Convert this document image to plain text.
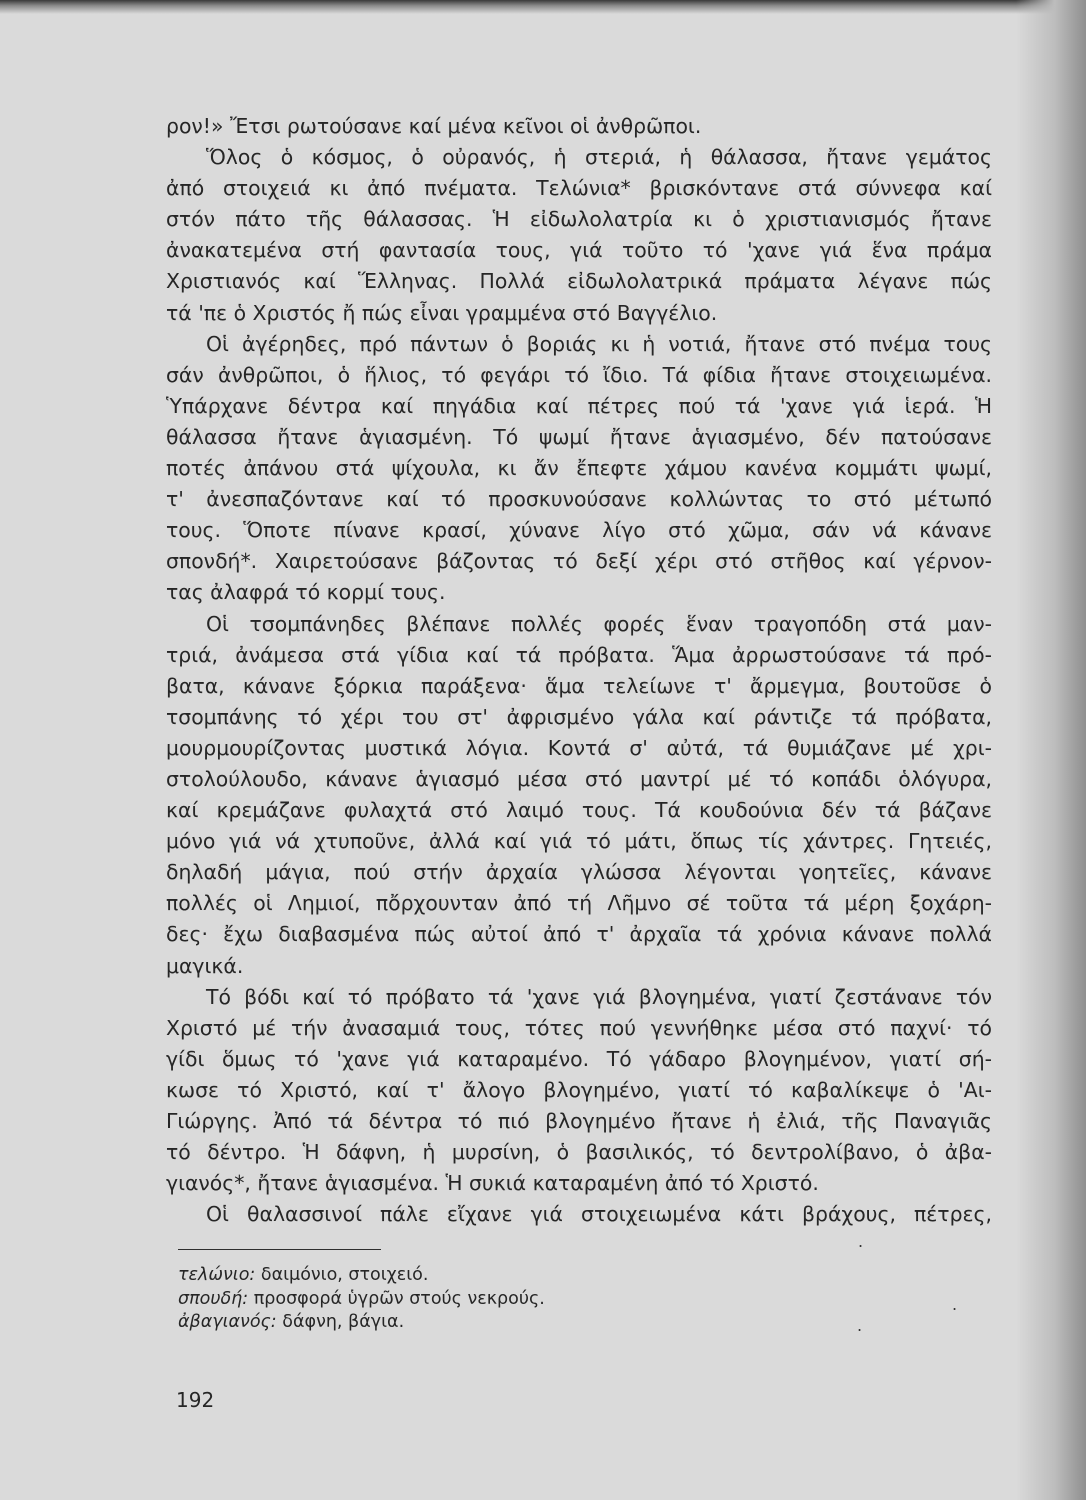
ρον!» Ἔτσι ρωτούσανε καί μένα κεῖνοι οἱ ἀνθρῶποι.
Ὅλος ὁ κόσμος, ὁ οὐρανός, ἡ στεριά, ἡ θάλασσα, ἤτανε γεμάτος
ἀπό στοιχειά κι ἀπό πνέματα. Τελώνια* βρισκόντανε στά σύννεφα καί
στόν πάτο τῆς θάλασσας. Ἡ εἰδωλολατρία κι ὁ χριστιανισμός ἤτανε
ἀνακατεμένα στή φαντασία τους, γιά τοῦτο τό 'χανε γιά ἕνα πράμα
Χριστιανός καί Ἕλληνας. Πολλά εἰδωλολατρικά πράματα λέγανε πώς
τά 'πε ὁ Χριστός ἤ πώς εἶναι γραμμένα στό Βαγγέλιο.
Οἱ ἀγέρηδες, πρό πάντων ὁ βοριάς κι ἡ νοτιά, ἤτανε στό πνέμα τους
σάν ἀνθρῶποι, ὁ ἥλιος, τό φεγάρι τό ἴδιο. Τά φίδια ἤτανε στοιχειωμένα.
Ὑπάρχανε δέντρα καί πηγάδια καί πέτρες πού τά 'χανε γιά ἱερά. Ἡ
θάλασσα ἤτανε ἁγιασμένη. Τό ψωμί ἤτανε ἁγιασμένο, δέν πατούσανε
ποτές ἀπάνου στά ψίχουλα, κι ἄν ἔπεφτε χάμου κανένα κομμάτι ψωμί,
τ' ἀνεσπαζόντανε καί τό προσκυνούσανε κολλώντας το στό μέτωπό
τους. Ὅποτε πίνανε κρασί, χύνανε λίγο στό χῶμα, σάν νά κάνανε
σπονδή*. Χαιρετούσανε βάζοντας τό δεξί χέρι στό στῆθος καί γέρνον-
τας ἀλαφρά τό κορμί τους.
Οἱ τσομπάνηδες βλέπανε πολλές φορές ἕναν τραγοπόδη στά μαν-
τριά, ἀνάμεσα στά γίδια καί τά πρόβατα. Ἅμα ἀρρωστούσανε τά πρό-
βατα, κάνανε ξόρκια παράξενα· ἅμα τελείωνε τ' ἄρμεγμα, βουτοῦσε ὁ
τσομπάνης τό χέρι του στ' ἀφρισμένο γάλα καί ράντιζε τά πρόβατα,
μουρμουρίζοντας μυστικά λόγια. Κοντά σ' αὐτά, τά θυμιάζανε μέ χρι-
στολούλουδο, κάνανε ἁγιασμό μέσα στό μαντρί μέ τό κοπάδι ὁλόγυρα,
καί κρεμάζανε φυλαχτά στό λαιμό τους. Τά κουδούνια δέν τά βάζανε
μόνο γιά νά χτυποῦνε, ἀλλά καί γιά τό μάτι, ὅπως τίς χάντρες. Γητειές,
δηλαδή μάγια, πού στήν ἀρχαία γλώσσα λέγονται γοητεῖες, κάνανε
πολλές οἱ Λημιοί, πὄρχουνταν ἀπό τή Λῆμνο σέ τοῦτα τά μέρη ξοχάρη-
δες· ἔχω διαβασμένα πώς αὐτοί ἀπό τ' ἀρχαῖα τά χρόνια κάνανε πολλά
μαγικά.
Τό βόδι καί τό πρόβατο τά 'χανε γιά βλογημένα, γιατί ζεστάνανε τόν
Χριστό μέ τήν ἀνασαμιά τους, τότες πού γεννήθηκε μέσα στό παχνί· τό
γίδι ὅμως τό 'χανε γιά καταραμένο. Τό γάδαρο βλογημένον, γιατί σή-
κωσε τό Χριστό, καί τ' ἄλογο βλογημένο, γιατί τό καβαλίκεψε ὁ 'Αι-
Γιώργης. Ἀπό τά δέντρα τό πιό βλογημένο ἤτανε ἡ ἐλιά, τῆς Παναγιᾶς
τό δέντρο. Ἡ δάφνη, ἡ μυρσίνη, ὁ βασιλικός, τό δεντρολίβανο, ὁ ἀβα-
γιανός*, ἤτανε ἁγιασμένα. Ἡ συκιά καταραμένη ἀπό τό Χριστό.
Οἱ θαλασσινοί πάλε εἴχανε γιά στοιχειωμένα κάτι βράχους, πέτρες,
.
.
.
τελώνιο: δαιμόνιο, στοιχειό.
σπουδή: προσφορά ὑγρῶν στούς νεκρούς.
ἀβαγιανός: δάφνη, βάγια.
192
